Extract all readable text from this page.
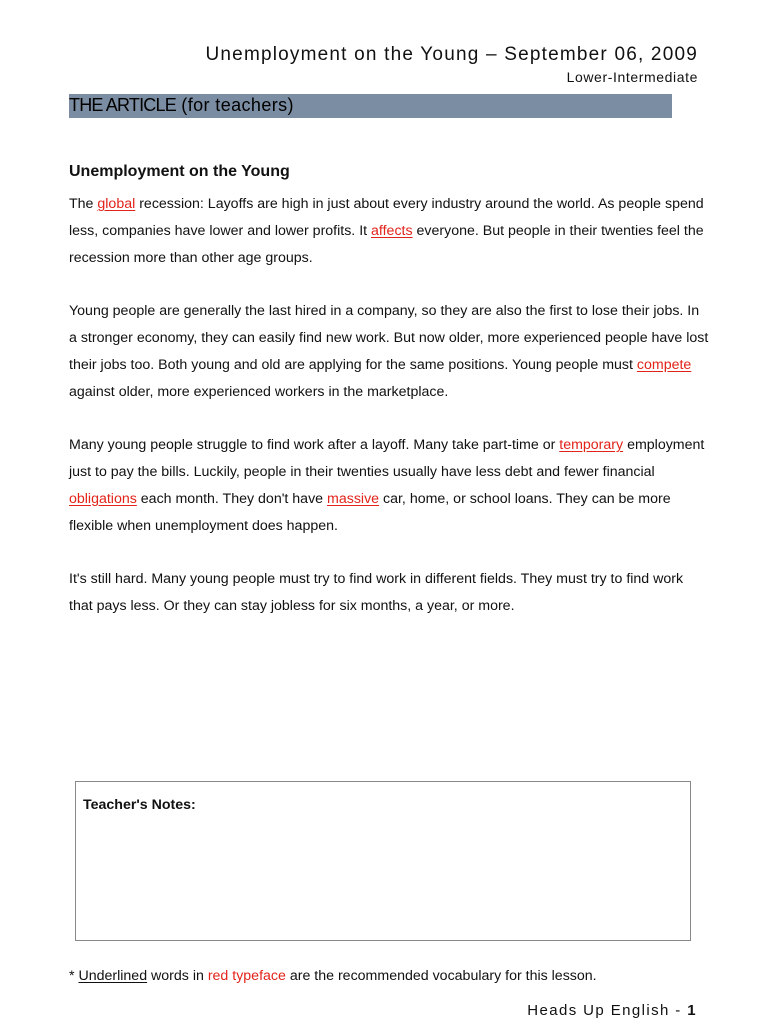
Unemployment on the Young – September 06, 2009
Lower-Intermediate
THE ARTICLE (for teachers)
Unemployment on the Young

The global recession: Layoffs are high in just about every industry around the world. As people spend less, companies have lower and lower profits. It affects everyone. But people in their twenties feel the recession more than other age groups.

Young people are generally the last hired in a company, so they are also the first to lose their jobs. In a stronger economy, they can easily find new work. But now older, more experienced people have lost their jobs too. Both young and old are applying for the same positions. Young people must compete against older, more experienced workers in the marketplace.

Many young people struggle to find work after a layoff. Many take part-time or temporary employment just to pay the bills. Luckily, people in their twenties usually have less debt and fewer financial obligations each month. They don't have massive car, home, or school loans. They can be more flexible when unemployment does happen.

It's still hard. Many young people must try to find work in different fields. They must try to find work that pays less. Or they can stay jobless for six months, a year, or more.

Teacher's Notes:
* Underlined words in red typeface are the recommended vocabulary for this lesson.
Heads Up English - 1
